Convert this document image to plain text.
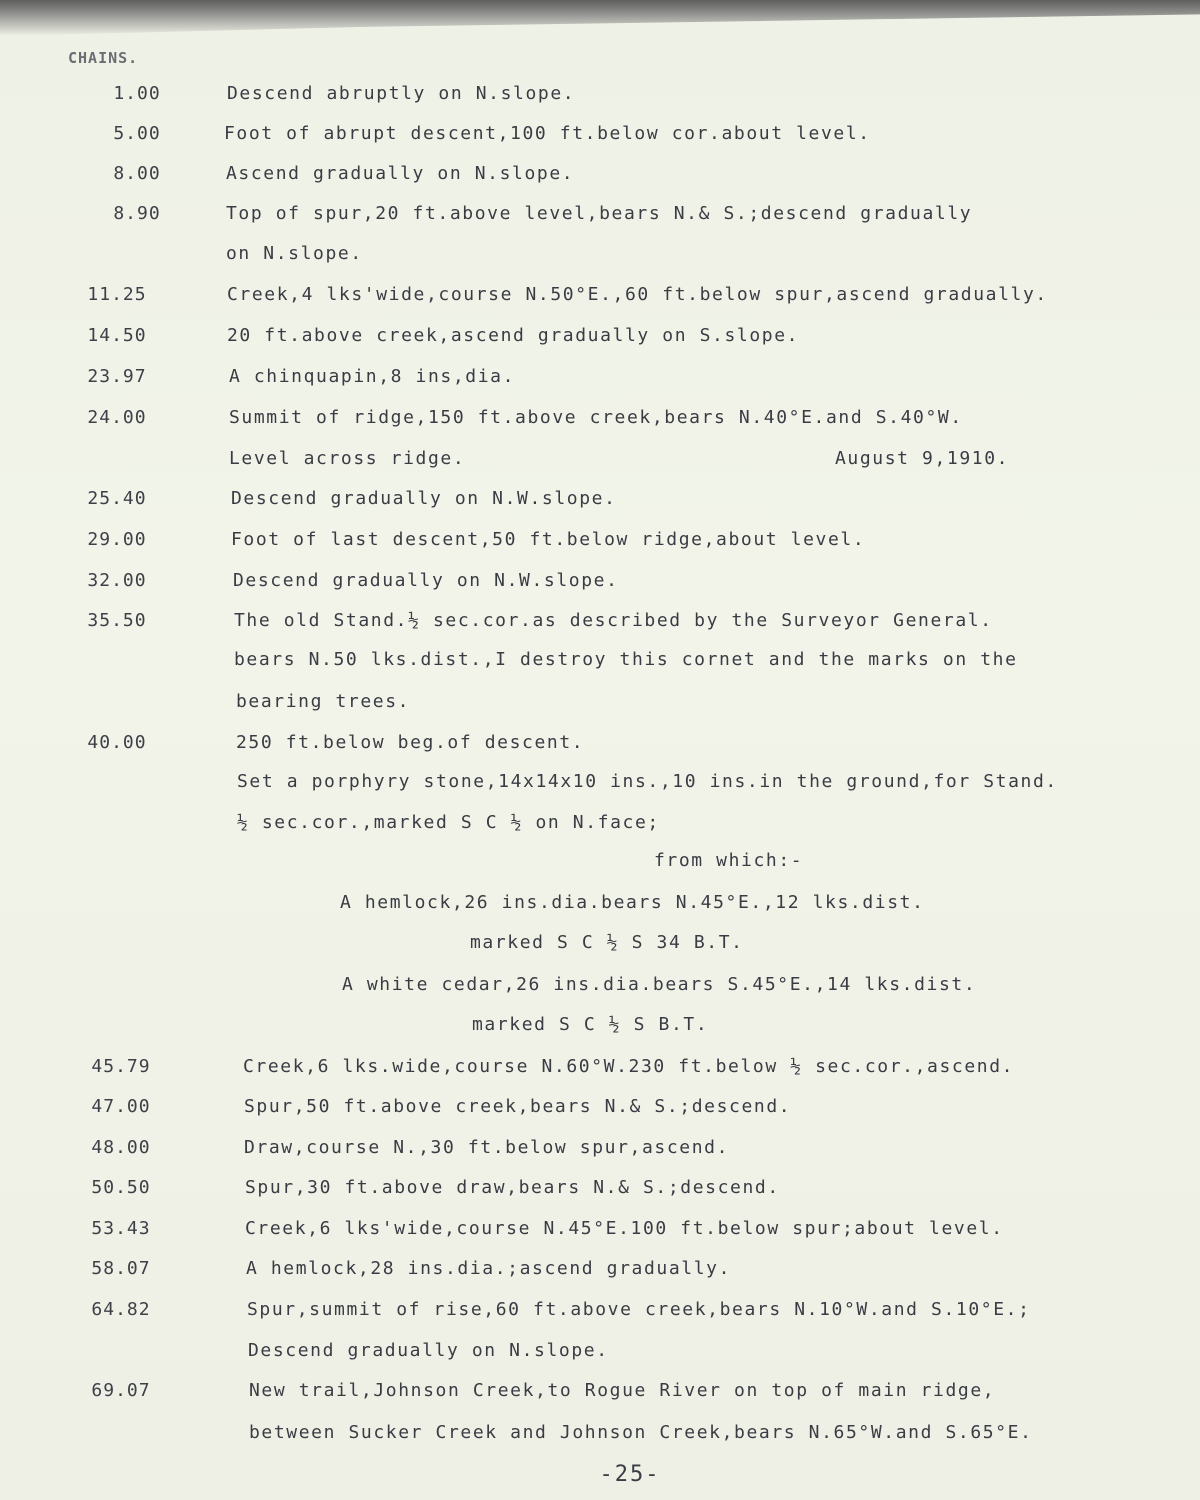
CHAINS.
1.00	Descend abruptly on N.slope.
5.00	Foot of abrupt descent,100 ft.below cor.about level.
8.00	Ascend gradually on N.slope.
8.90	Top of spur,20 ft.above level,bears N.& S.;descend gradually
on N.slope.
11.25	Creek,4 lks'wide,course N.50°E.,60 ft.below spur,ascend gradually.
14.50	20 ft.above creek,ascend gradually on S.slope.
23.97	A chinquapin,8 ins,dia.
24.00	Summit of ridge,150 ft.above creek,bears N.40°E.and S.40°W.
Level across ridge.	August 9,1910.
25.40	Descend gradually on N.W.slope.
29.00	Foot of last descent,50 ft.below ridge,about level.
32.00	Descend gradually on N.W.slope.
35.50	The old Stand.½ sec.cor.as described by the Surveyor General.
bears N.50 lks.dist.,I destroy this cornet and the marks on the
bearing trees.
40.00	250 ft.below beg.of descent.
Set a porphyry stone,14x14x10 ins.,10 ins.in the ground,for Stand.
½ sec.cor.,marked S C ½ on N.face;
from which:-
A hemlock,26 ins.dia.bears N.45°E.,12 lks.dist.
marked S C ½ S 34 B.T.
A white cedar,26 ins.dia.bears S.45°E.,14 lks.dist.
marked S C ½ S B.T.
45.79	Creek,6 lks.wide,course N.60°W.230 ft.below ½ sec.cor.,ascend.
47.00	Spur,50 ft.above creek,bears N.& S.;descend.
48.00	Draw,course N.,30 ft.below spur,ascend.
50.50	Spur,30 ft.above draw,bears N.& S.;descend.
53.43	Creek,6 lks'wide,course N.45°E.100 ft.below spur;about level.
58.07	A hemlock,28 ins.dia.;ascend gradually.
64.82	Spur,summit of rise,60 ft.above creek,bears N.10°W.and S.10°E.;
Descend gradually on N.slope.
69.07	New trail,Johnson Creek,to Rogue River on top of main ridge,
between Sucker Creek and Johnson Creek,bears N.65°W.and S.65°E.
-25-
